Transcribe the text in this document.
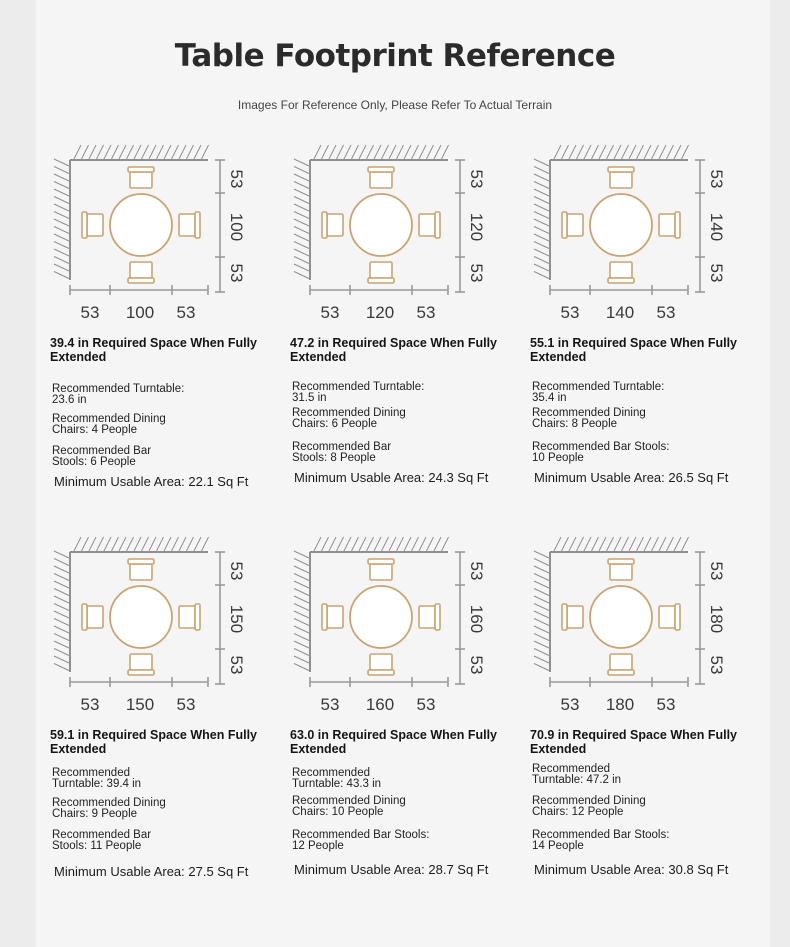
Table Footprint Reference
Images For Reference Only, Please Refer To Actual Terrain
53
100
53
53 100 53
39.4 in Required Space When Fully Extended
Recommended Turntable:
23.6 in
Recommended Dining
Chairs: 4 People
Recommended Bar
Stools: 6 People
Minimum Usable Area: 22.1 Sq Ft
53
120
53
53 120 53
47.2 in Required Space When Fully Extended
Recommended Turntable:
31.5 in
Recommended Dining
Chairs: 6 People
Recommended Bar
Stools: 8 People
Minimum Usable Area: 24.3 Sq Ft
53
140
53
53 140 53
55.1 in Required Space When Fully Extended
Recommended Turntable:
35.4 in
Recommended Dining
Chairs: 8 People
Recommended Bar Stools:
10 People
Minimum Usable Area: 26.5 Sq Ft
53
150
53
53 150 53
59.1 in Required Space When Fully Extended
Recommended
Turntable: 39.4 in
Recommended Dining
Chairs: 9 People
Recommended Bar
Stools: 11 People
Minimum Usable Area: 27.5 Sq Ft
53
160
53
53 160 53
63.0 in Required Space When Fully Extended
Recommended
Turntable: 43.3 in
Recommended Dining
Chairs: 10 People
Recommended Bar Stools:
12 People
Minimum Usable Area: 28.7 Sq Ft
53
180
53
53 180 53
70.9 in Required Space When Fully Extended
Recommended
Turntable: 47.2 in
Recommended Dining
Chairs: 12 People
Recommended Bar Stools:
14 People
Minimum Usable Area: 30.8 Sq Ft
